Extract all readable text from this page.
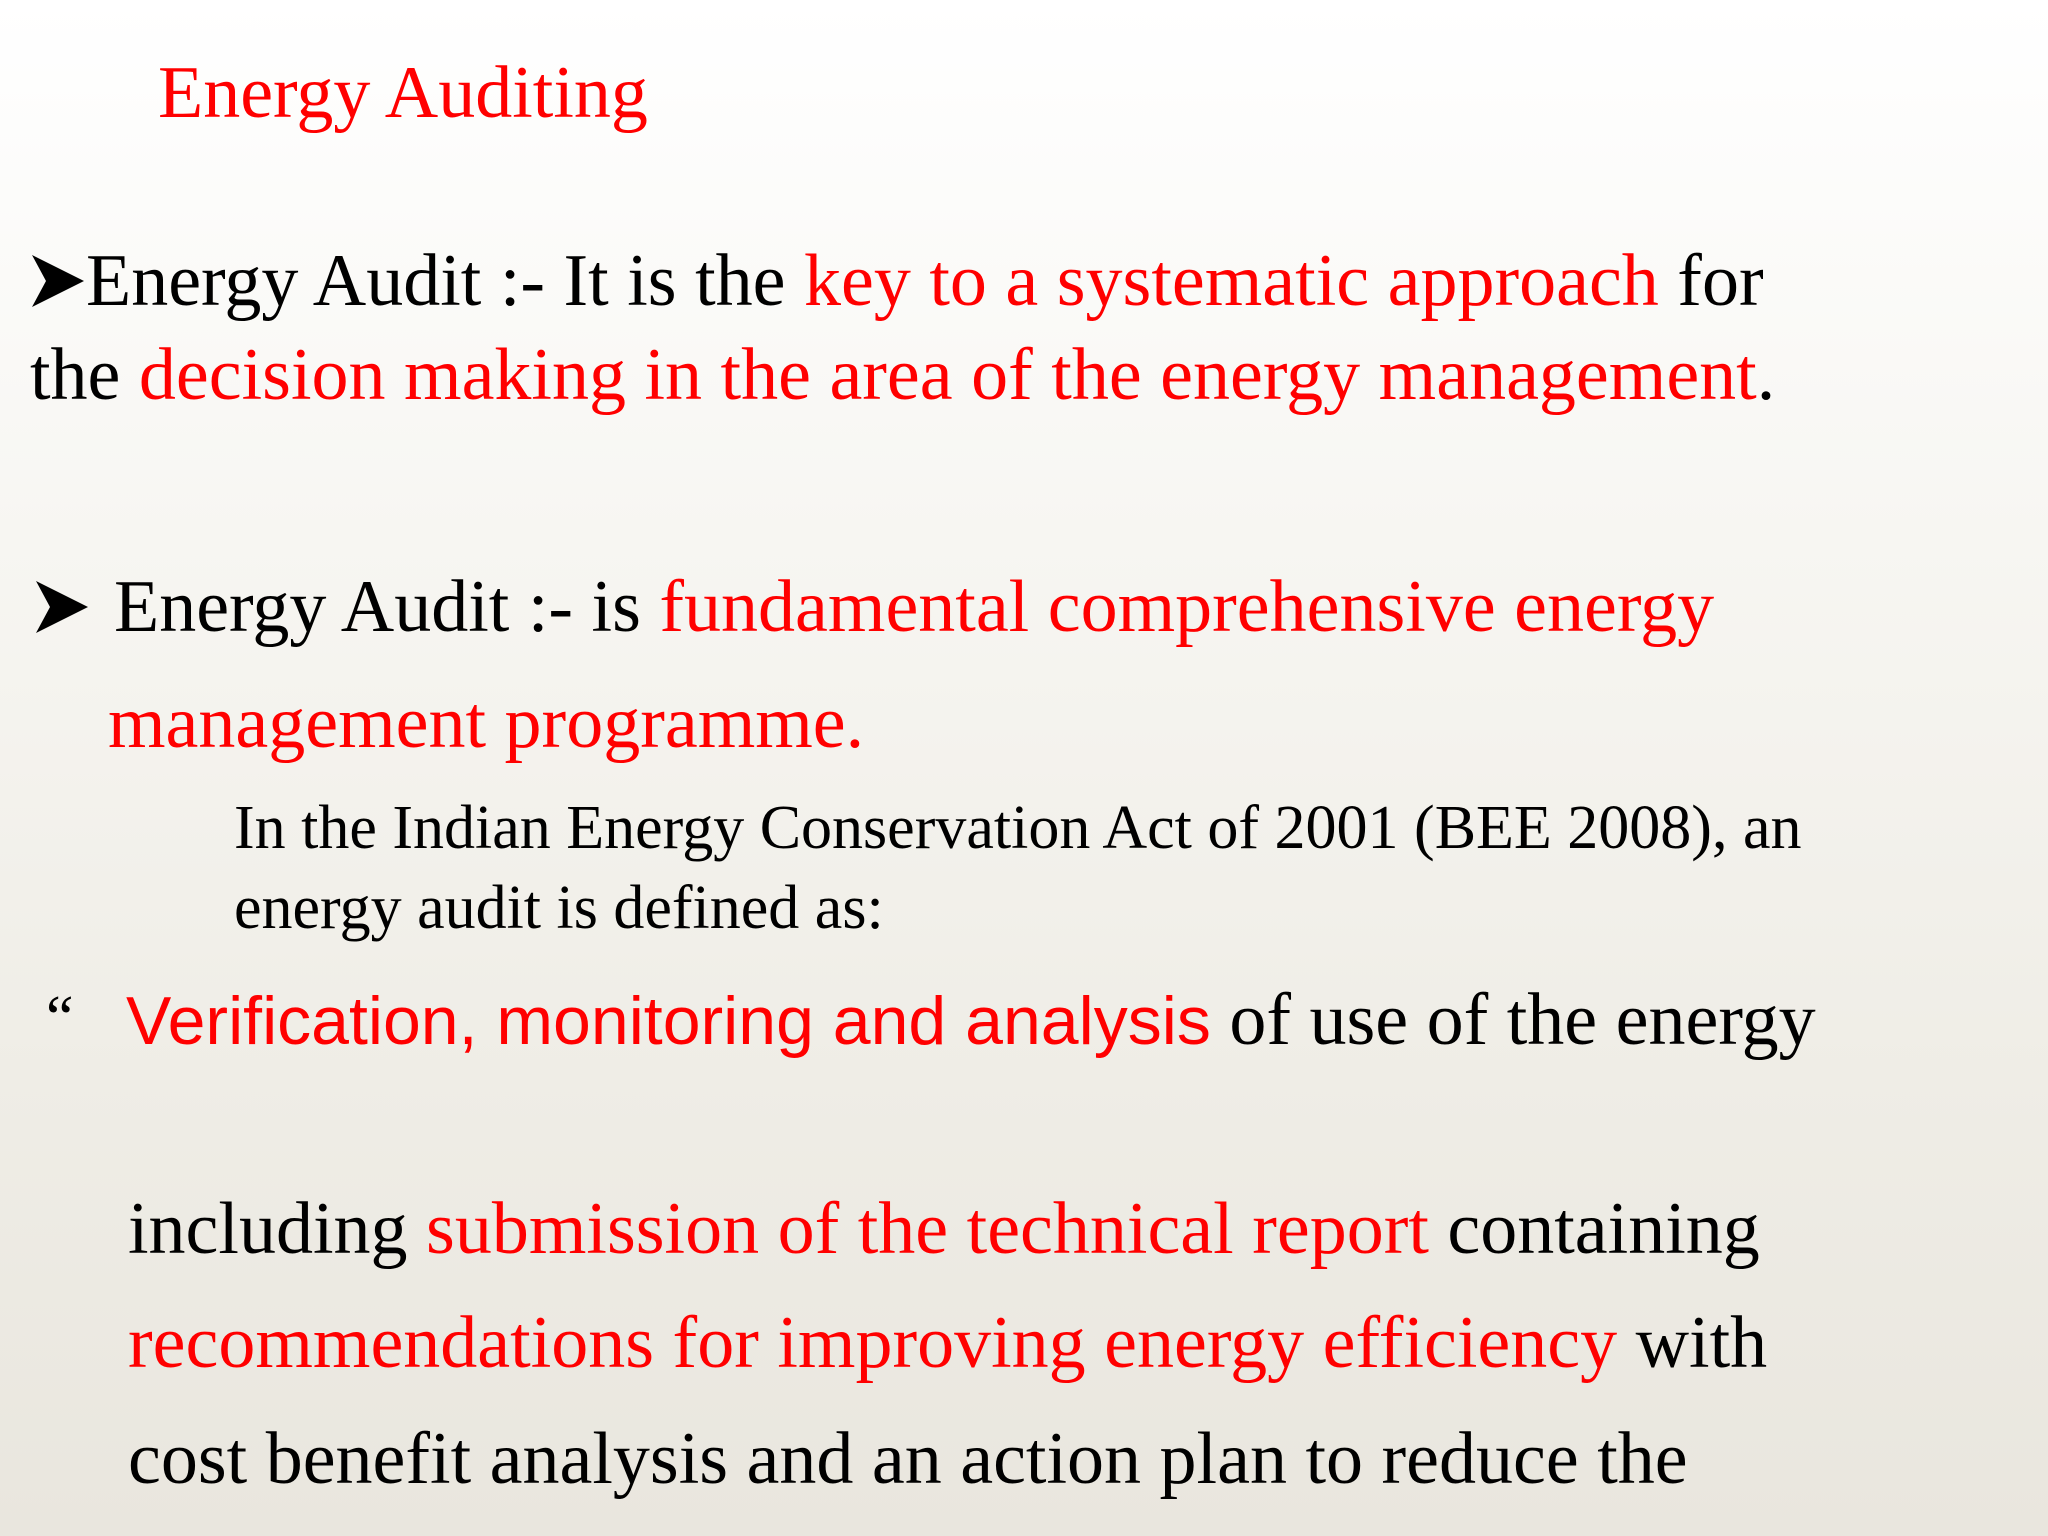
Energy Auditing
Energy Audit :- It is the key to a systematic approach for
the decision making in the area of the energy management.
Energy Audit :- is fundamental comprehensive energy
management programme.
In the Indian Energy Conservation Act of 2001 (BEE 2008), an
energy audit is defined as:
“ Verification, monitoring and analysis of use of the energy
including submission of the technical report containing
recommendations for improving energy efficiency with
cost benefit analysis and an action plan to reduce the
